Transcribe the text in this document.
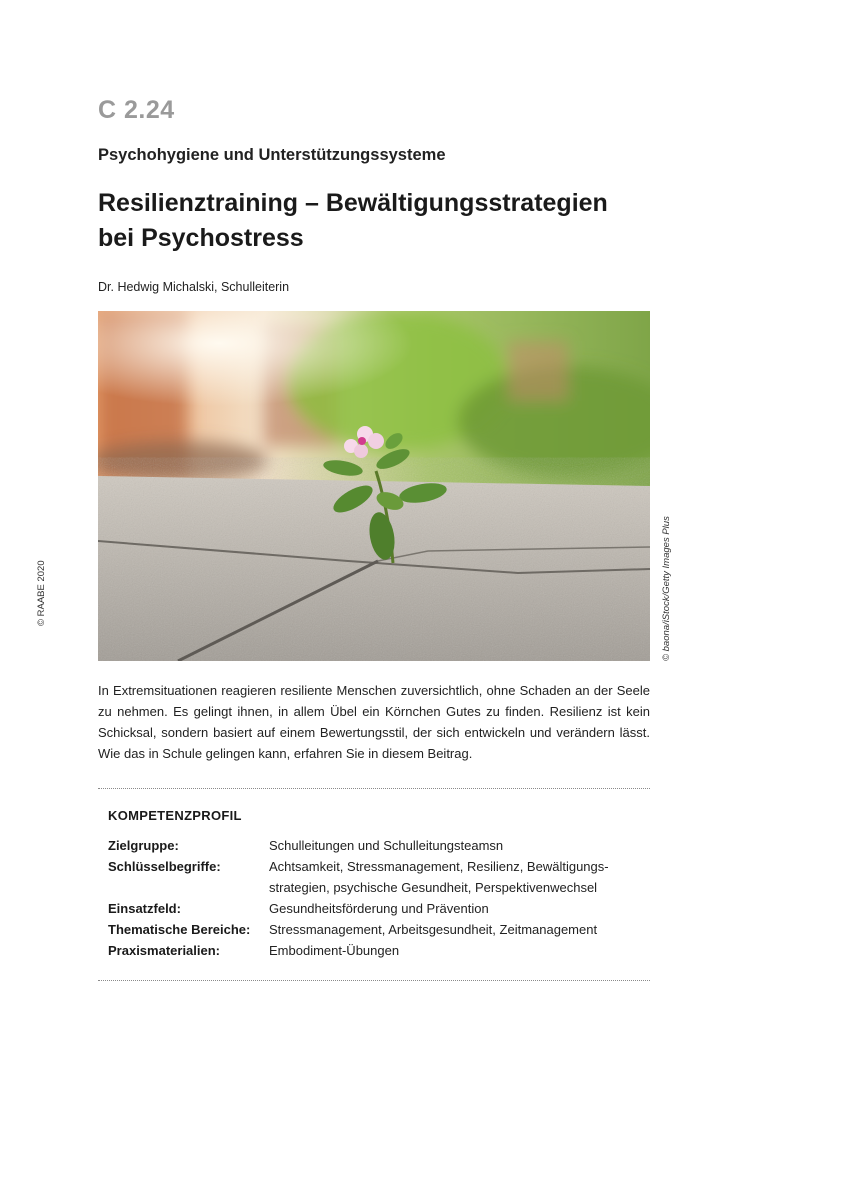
C 2.24
Psychohygiene und Unterstützungssysteme
Resilienztraining – Bewältigungsstrategien
bei Psychostress
Dr. Hedwig Michalski, Schulleiterin
© baona/iStock/Getty Images Plus
© RAABE 2020

In Extremsituationen reagieren resiliente Menschen zuversichtlich, ohne Schaden an der Seele zu nehmen. Es gelingt ihnen, in allem Übel ein Körnchen Gutes zu finden. Resilienz ist kein Schicksal, sondern basiert auf einem Bewertungsstil, der sich entwickeln und verändern lässt. Wie das in Schule gelingen kann, erfahren Sie in diesem Beitrag.

KOMPETENZPROFIL
Zielgruppe:	Schulleitungen und Schulleitungsteamsn
Schlüsselbegriffe:	Achtsamkeit, Stressmanagement, Resilienz, Bewältigungs-
strategien, psychische Gesundheit, Perspektivenwechsel
Einsatzfeld:	Gesundheitsförderung und Prävention
Thematische Bereiche:	Stressmanagement, Arbeitsgesundheit, Zeitmanagement
Praxismaterialien:	Embodiment-Übungen
